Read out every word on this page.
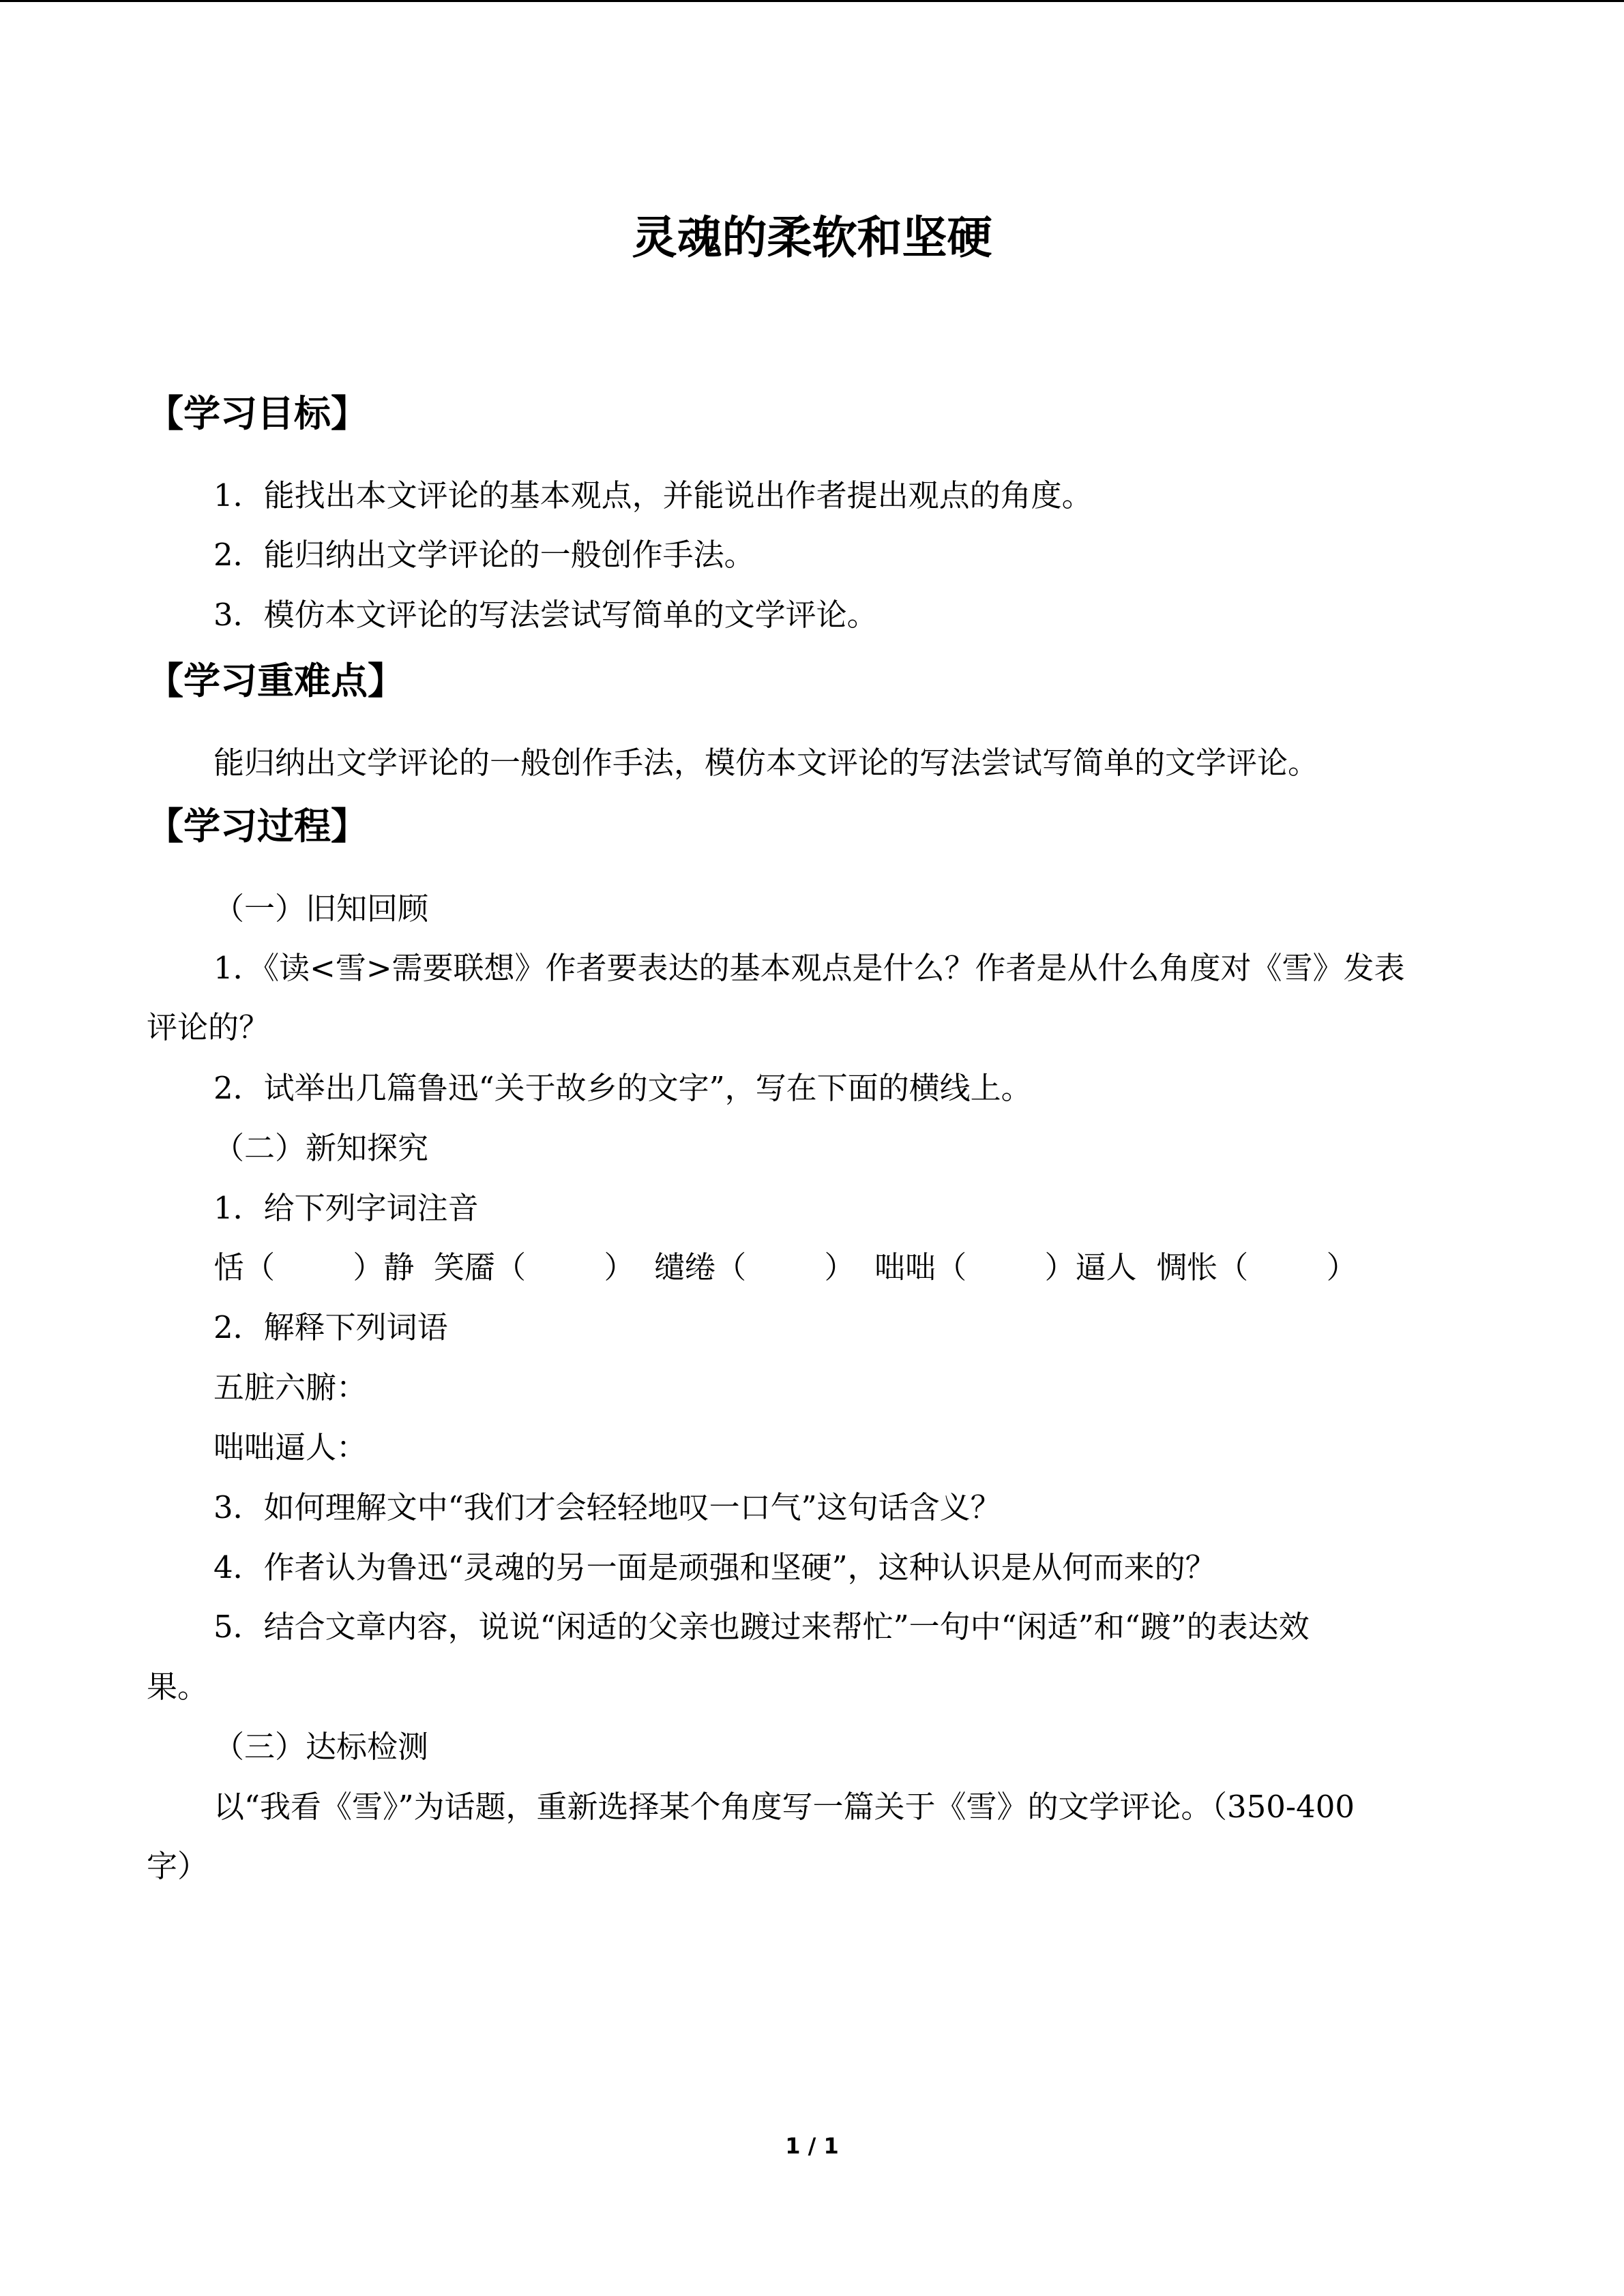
灵魂的柔软和坚硬
【学习目标】
1．能找出本文评论的基本观点，并能说出作者提出观点的角度。
2．能归纳出文学评论的一般创作手法。
3．模仿本文评论的写法尝试写简单的文学评论。
【学习重难点】
能归纳出文学评论的一般创作手法，模仿本文评论的写法尝试写简单的文学评论。
【学习过程】
（一）旧知回顾
1．《读<雪>需要联想》作者要表达的基本观点是什么？作者是从什么角度对《雪》发表
评论的？
2．试举出几篇鲁迅“关于故乡的文字”，写在下面的横线上。
（二）新知探究
1．给下列字词注音
恬（        ）静  笑靥（        ）  缱绻（        ）  咄咄（        ）逼人  惆怅（        ）
2．解释下列词语
五脏六腑：
咄咄逼人：
3．如何理解文中“我们才会轻轻地叹一口气”这句话含义？
4．作者认为鲁迅“灵魂的另一面是顽强和坚硬”，这种认识是从何而来的？
5．结合文章内容，说说“闲适的父亲也踱过来帮忙”一句中“闲适”和“踱”的表达效
果。
（三）达标检测
以“我看《雪》”为话题，重新选择某个角度写一篇关于《雪》的文学评论。（350-400
字）
1 / 1
